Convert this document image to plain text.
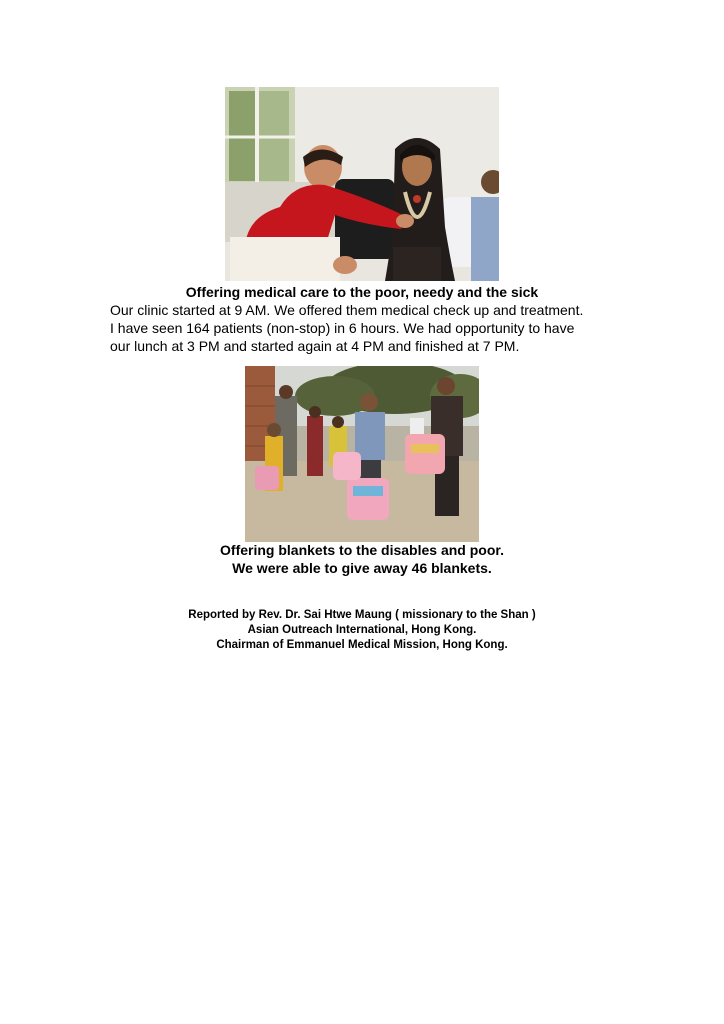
Offering medical care to the poor, needy and the sick
Our clinic started at 9 AM. We offered them medical check up and treatment.
I have seen 164 patients (non-stop) in 6 hours. We had opportunity to have
our lunch at 3 PM and started again at 4 PM and finished at 7 PM.
Offering blankets to the disables and poor.
We were able to give away 46 blankets.
Reported by Rev. Dr. Sai Htwe Maung ( missionary to the Shan )
Asian Outreach International, Hong Kong.
Chairman of Emmanuel Medical Mission, Hong Kong.
